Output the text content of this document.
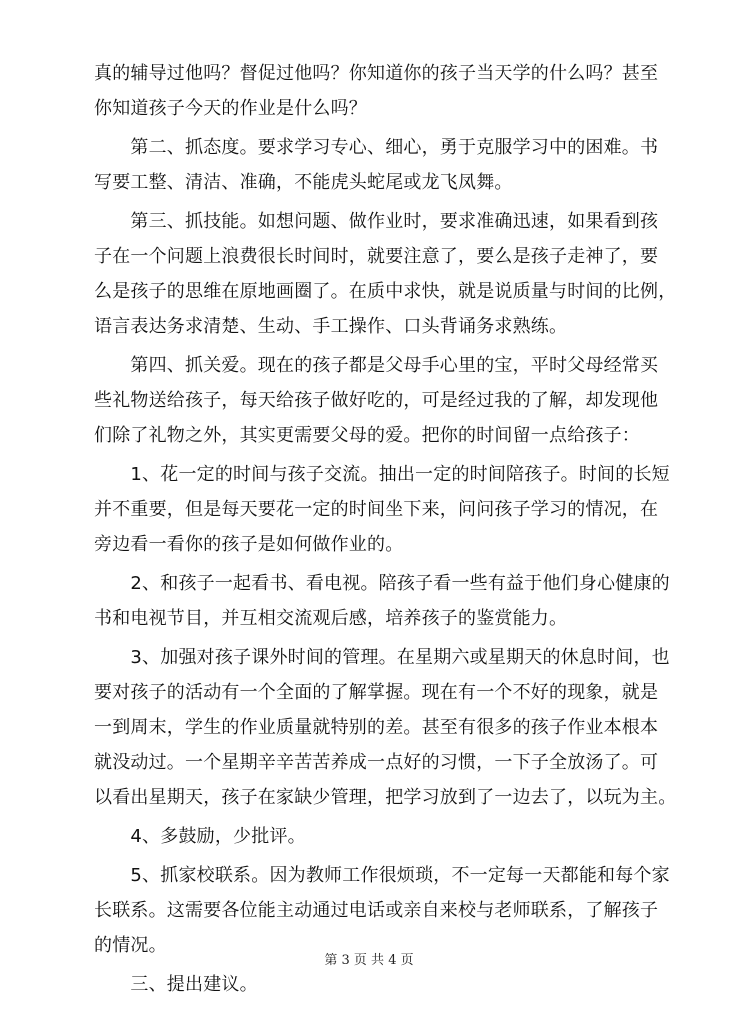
真的辅导过他吗？督促过他吗？你知道你的孩子当天学的什么吗？甚至
你知道孩子今天的作业是什么吗？
　　第二、抓态度。要求学习专心、细心，勇于克服学习中的困难。书
写要工整、清洁、准确，不能虎头蛇尾或龙飞凤舞。
　　第三、抓技能。如想问题、做作业时，要求准确迅速，如果看到孩
子在一个问题上浪费很长时间时，就要注意了，要么是孩子走神了，要
么是孩子的思维在原地画圈了。在质中求快，就是说质量与时间的比例，
语言表达务求清楚、生动、手工操作、口头背诵务求熟练。
　　第四、抓关爱。现在的孩子都是父母手心里的宝，平时父母经常买
些礼物送给孩子，每天给孩子做好吃的，可是经过我的了解，却发现他
们除了礼物之外，其实更需要父母的爱。把你的时间留一点给孩子：
　　1、花一定的时间与孩子交流。抽出一定的时间陪孩子。时间的长短
并不重要，但是每天要花一定的时间坐下来，问问孩子学习的情况，在
旁边看一看你的孩子是如何做作业的。
　　2、和孩子一起看书、看电视。陪孩子看一些有益于他们身心健康的
书和电视节目，并互相交流观后感，培养孩子的鉴赏能力。
　　3、加强对孩子课外时间的管理。在星期六或星期天的休息时间，也
要对孩子的活动有一个全面的了解掌握。现在有一个不好的现象，就是
一到周末，学生的作业质量就特别的差。甚至有很多的孩子作业本根本
就没动过。一个星期辛辛苦苦养成一点好的习惯，一下子全放汤了。可
以看出星期天，孩子在家缺少管理，把学习放到了一边去了，以玩为主。
　　4、多鼓励，少批评。
　　5、抓家校联系。因为教师工作很烦琐，不一定每一天都能和每个家
长联系。这需要各位能主动通过电话或亲自来校与老师联系，了解孩子
的情况。
　　三、提出建议。
第 3 页 共 4 页
